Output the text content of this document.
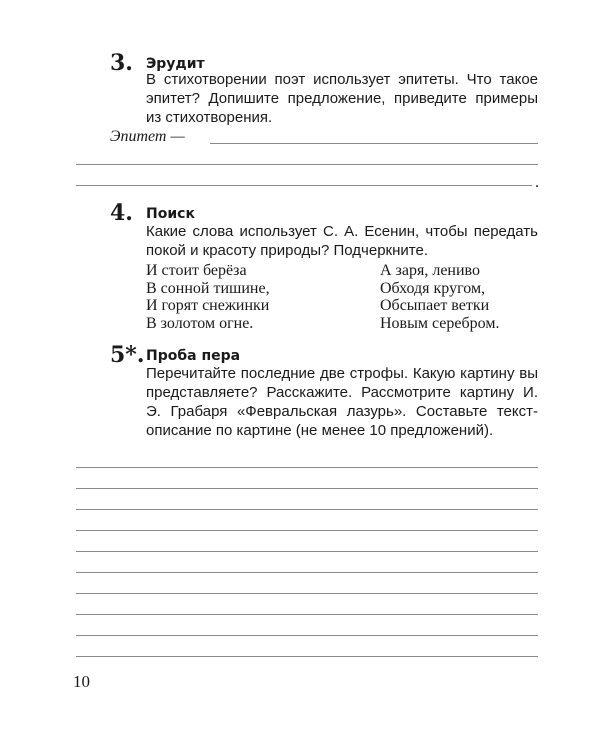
3. Эрудит
В стихотворении поэт использует эпитеты. Что такое эпитет? Допишите предложение, приведите примеры из стихотворения.
Эпитет —
.
4. Поиск
Какие слова использует С. А. Есенин, чтобы передать покой и красоту природы? Подчеркните.
И стоит берёза
В сонной тишине,
И горят снежинки
В золотом огне.
А заря, лениво
Обходя кругом,
Обсыпает ветки
Новым серебром.
5*. Проба пера
Перечитайте последние две строфы. Какую картину вы представляете? Расскажите. Рассмотрите картину И. Э. Грабаря «Февральская лазурь». Составьте текст-описание по картине (не менее 10 предложений).
10
